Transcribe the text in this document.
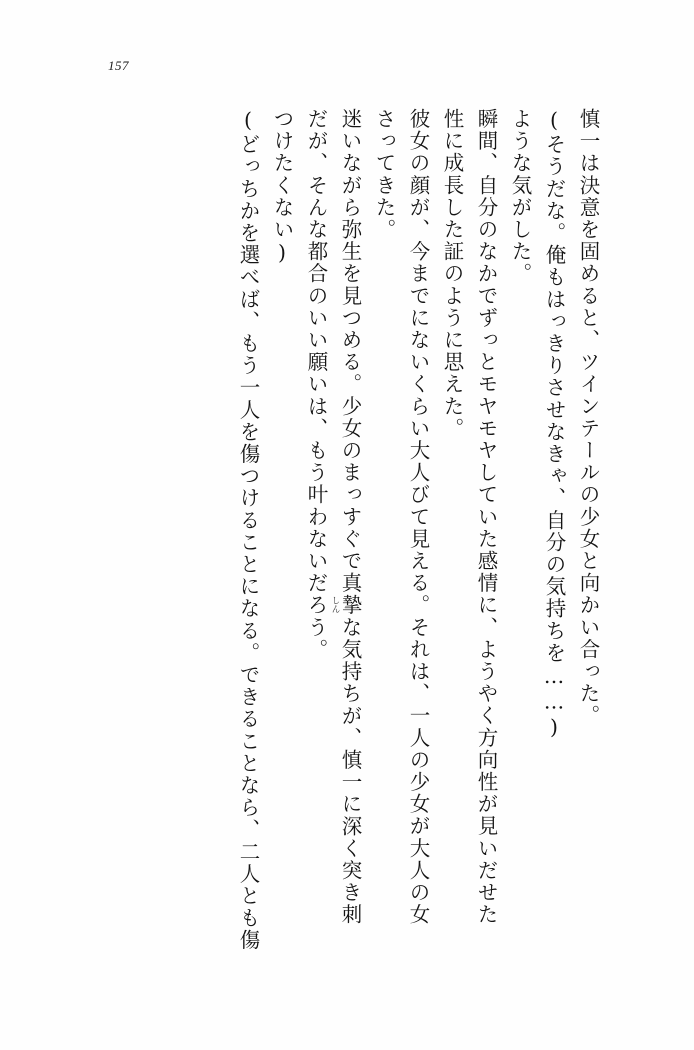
157
(どっちかを選べば、もう一人を傷つけることになる。できることなら、二人とも傷 つけたくない) だが、そんな都合のいい願いは、もう叶わないだろう。 迷いながら弥生を見つめる。少女のまっすぐで真摯
しん
な気持ちが、慎一に深く突き刺
さってきた。 彼女の顔が、今までにないくらい大人びて見える。それは、一人の少女が大人の女 性に成長した証のように思えた。 瞬間、自分のなかでずっとモヤモヤしていた感情に、ようやく方向性が見いだせた ような気がした。 (そうだな。俺もはっきりさせなきゃ、自分の気持ちを……) 慎一は決意を固めると、ツインテールの少女と向かい合った。
